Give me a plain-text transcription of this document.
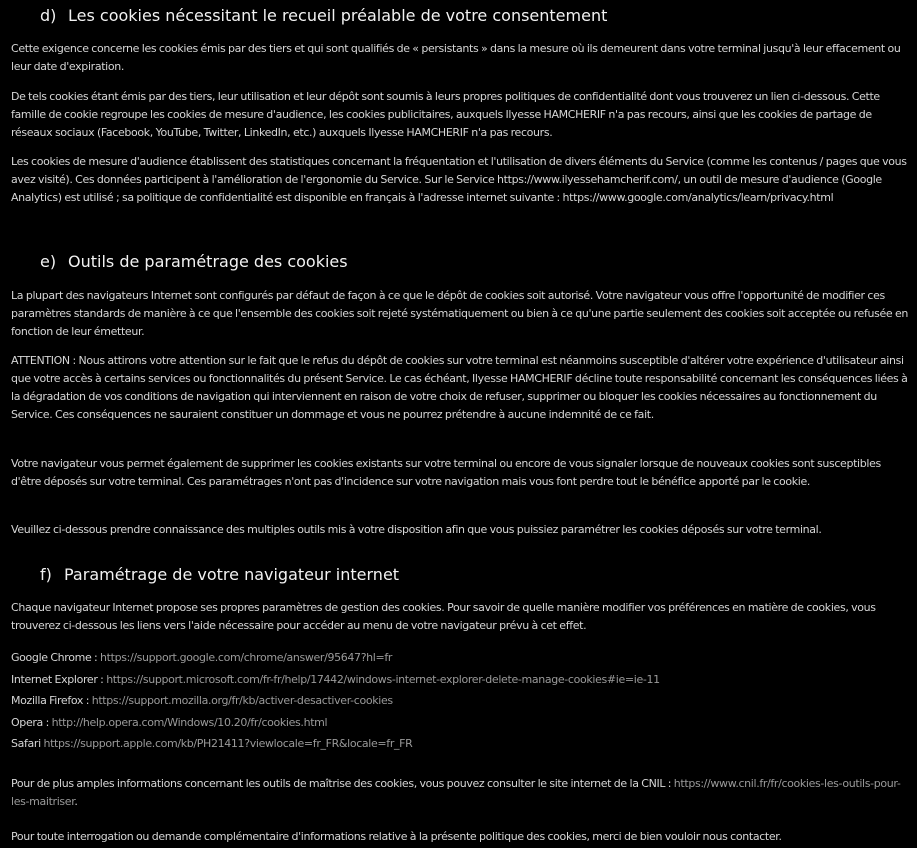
d) Les cookies nécessitant le recueil préalable de votre consentement

Cette exigence concerne les cookies émis par des tiers et qui sont qualifiés de « persistants » dans la mesure où ils demeurent dans votre terminal jusqu'à leur effacement ou leur date d'expiration.

De tels cookies étant émis par des tiers, leur utilisation et leur dépôt sont soumis à leurs propres politiques de confidentialité dont vous trouverez un lien ci-dessous. Cette famille de cookie regroupe les cookies de mesure d'audience, les cookies publicitaires, auxquels Ilyesse HAMCHERIF n'a pas recours, ainsi que les cookies de partage de réseaux sociaux (Facebook, YouTube, Twitter, LinkedIn, etc.) auxquels Ilyesse HAMCHERIF n'a pas recours.

Les cookies de mesure d'audience établissent des statistiques concernant la fréquentation et l'utilisation de divers éléments du Service (comme les contenus / pages que vous avez visité). Ces données participent à l'amélioration de l'ergonomie du Service. Sur le Service https://www.ilyessehamcherif.com/, un outil de mesure d'audience (Google Analytics) est utilisé ; sa politique de confidentialité est disponible en français à l'adresse internet suivante : https://www.google.com/analytics/learn/privacy.html

e) Outils de paramétrage des cookies

La plupart des navigateurs Internet sont configurés par défaut de façon à ce que le dépôt de cookies soit autorisé. Votre navigateur vous offre l'opportunité de modifier ces paramètres standards de manière à ce que l'ensemble des cookies soit rejeté systématiquement ou bien à ce qu'une partie seulement des cookies soit acceptée ou refusée en fonction de leur émetteur.

ATTENTION : Nous attirons votre attention sur le fait que le refus du dépôt de cookies sur votre terminal est néanmoins susceptible d'altérer votre expérience d'utilisateur ainsi que votre accès à certains services ou fonctionnalités du présent Service. Le cas échéant, Ilyesse HAMCHERIF décline toute responsabilité concernant les conséquences liées à la dégradation de vos conditions de navigation qui interviennent en raison de votre choix de refuser, supprimer ou bloquer les cookies nécessaires au fonctionnement du Service. Ces conséquences ne sauraient constituer un dommage et vous ne pourrez prétendre à aucune indemnité de ce fait.

Votre navigateur vous permet également de supprimer les cookies existants sur votre terminal ou encore de vous signaler lorsque de nouveaux cookies sont susceptibles d'être déposés sur votre terminal. Ces paramétrages n'ont pas d'incidence sur votre navigation mais vous font perdre tout le bénéfice apporté par le cookie.

Veuillez ci-dessous prendre connaissance des multiples outils mis à votre disposition afin que vous puissiez paramétrer les cookies déposés sur votre terminal.

f) Paramétrage de votre navigateur internet

Chaque navigateur Internet propose ses propres paramètres de gestion des cookies. Pour savoir de quelle manière modifier vos préférences en matière de cookies, vous trouverez ci-dessous les liens vers l'aide nécessaire pour accéder au menu de votre navigateur prévu à cet effet.

Google Chrome : https://support.google.com/chrome/answer/95647?hl=fr
Internet Explorer : https://support.microsoft.com/fr-fr/help/17442/windows-internet-explorer-delete-manage-cookies#ie=ie-11
Mozilla Firefox : https://support.mozilla.org/fr/kb/activer-desactiver-cookies
Opera : http://help.opera.com/Windows/10.20/fr/cookies.html
Safari https://support.apple.com/kb/PH21411?viewlocale=fr_FR&locale=fr_FR

Pour de plus amples informations concernant les outils de maîtrise des cookies, vous pouvez consulter le site internet de la CNIL : https://www.cnil.fr/fr/cookies-les-outils-pour-les-maitriser.

Pour toute interrogation ou demande complémentaire d'informations relative à la présente politique des cookies, merci de bien vouloir nous contacter.
